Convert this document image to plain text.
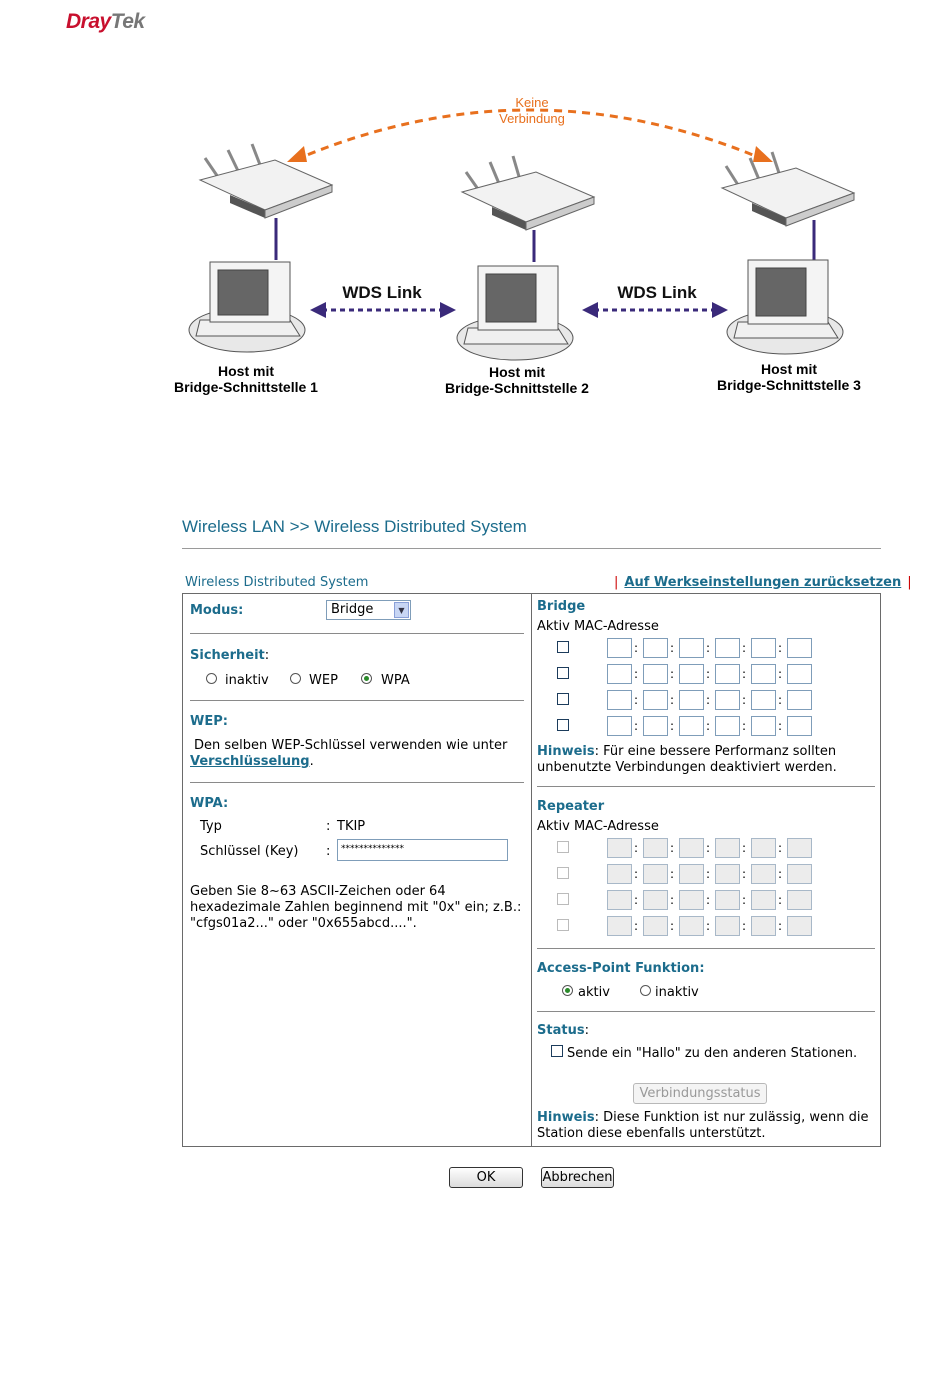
DrayTek
Keine
Verbindung
WDS Link	WDS Link
Host mit
Bridge-Schnittstelle 1
Host mit
Bridge-Schnittstelle 2
Host mit
Bridge-Schnittstelle 3
Wireless LAN >> Wireless Distributed System
Wireless Distributed System	| Auf Werkseinstellungen zurücksetzen |
Modus:	Bridge	▼
Sicherheit:
inaktiv	WEP	WPA
WEP:
Den selben WEP-Schlüssel verwenden wie unter
Verschlüsselung.
WPA:
Typ	: TKIP
Schlüssel (Key) :	**************
Geben Sie 8~63 ASCII-Zeichen oder 64
hexadezimale Zahlen beginnend mit "0x" ein; z.B.:
"cfgs01a2..." oder "0x655abcd....".
Bridge
Aktiv MAC-Adresse
:	:	:	:	:
:	:	:	:	:
:	:	:	:	:
:	:	:	:	:
Hinweis: Für eine bessere Performanz sollten
unbenutzte Verbindungen deaktiviert werden.
Repeater
Aktiv MAC-Adresse
:	:	:	:	:
:	:	:	:	:
:	:	:	:	:
:	:	:	:	:
Access-Point Funktion:
aktiv	inaktiv
Status:
Sende ein "Hallo" zu den anderen Stationen.
Verbindungsstatus
Hinweis: Diese Funktion ist nur zulässig, wenn die
Station diese ebenfalls unterstützt.
OK	Abbrechen
